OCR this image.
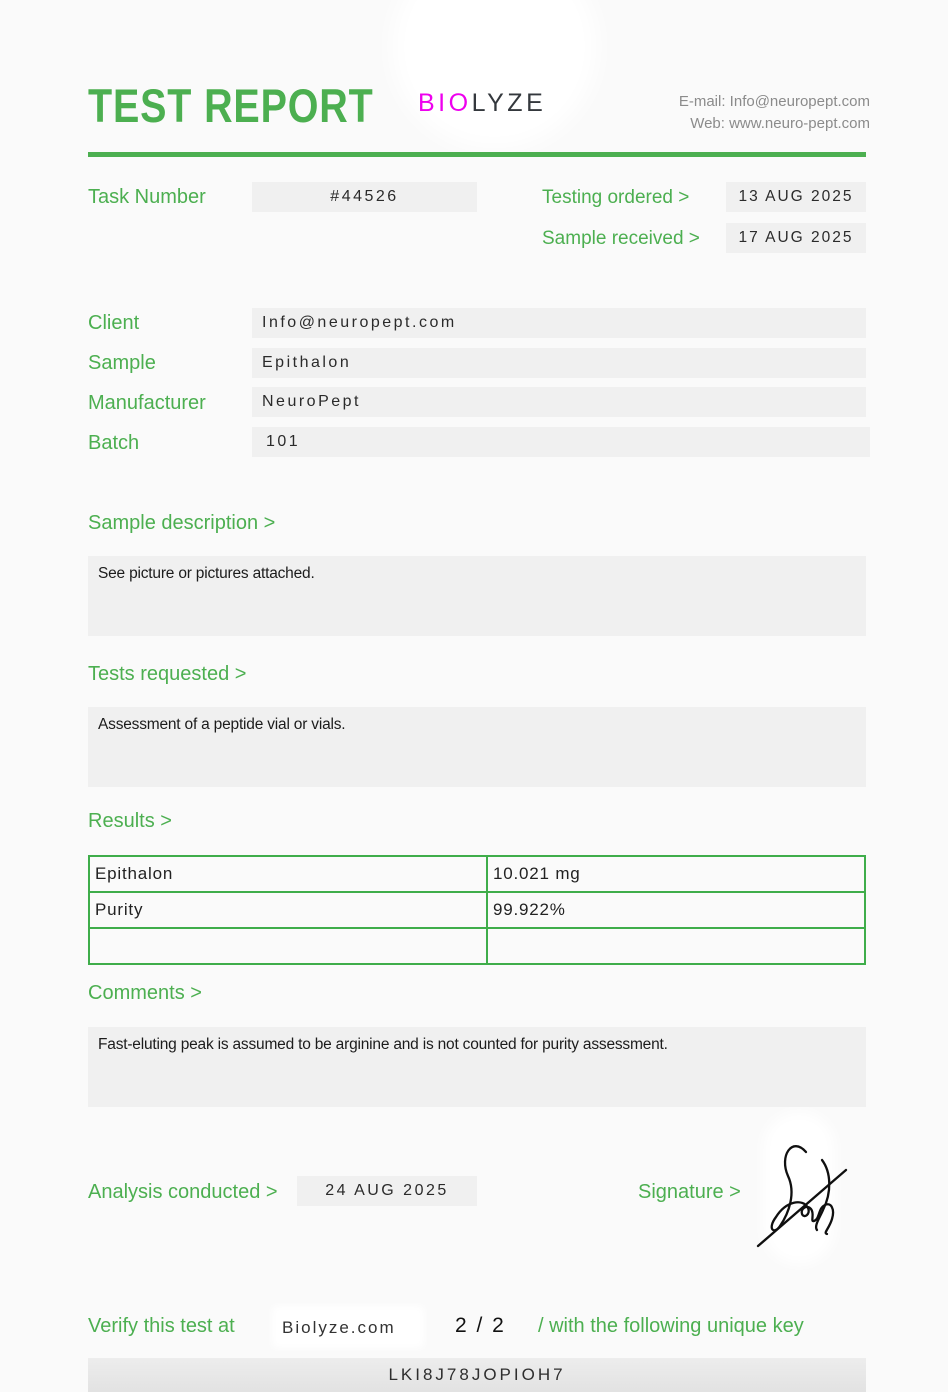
TEST REPORT BIOLYZE	E-mail: Info@neuropept.com
Web: www.neuro-pept.com
Task Number	#44526	Testing ordered >	13 AUG 2025
Sample received >	17 AUG 2025
Client	Info@neuropept.com
Sample	Epithalon
Manufacturer	NeuroPept
Batch	101
Sample description >
See picture or pictures attached.
Tests requested >
Assessment of a peptide vial or vials.
Results >
Epithalon	10.021 mg
Purity	99.922%

Comments >
Fast-eluting peak is assumed to be arginine and is not counted for purity assessment.
Analysis conducted >	24 AUG 2025	Signature >
Verify this test at	Biolyze.com	2 / 2 / with the following unique key
LKI8J78JOPIOH7
